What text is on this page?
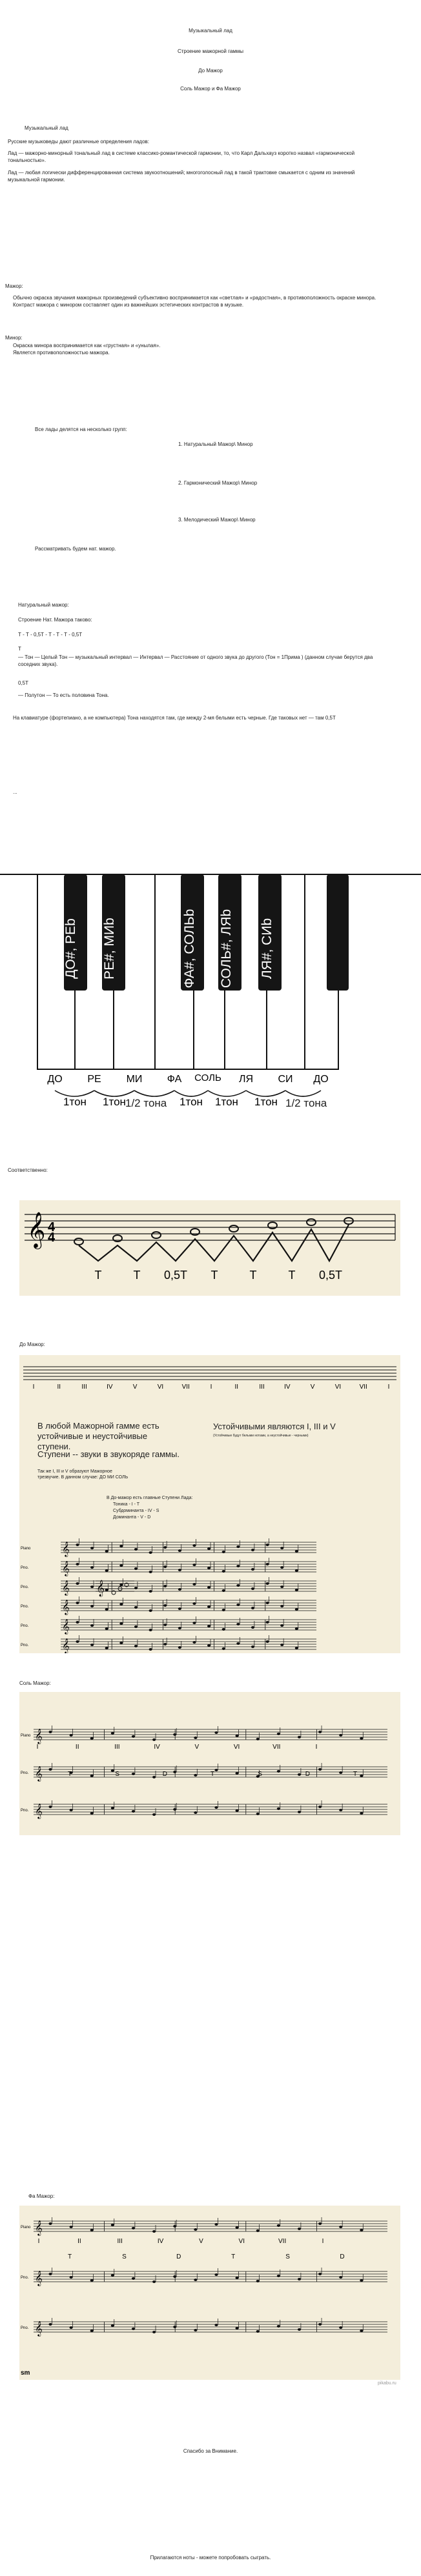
Музыкальный лад
Строение мажорной гаммы
До Мажор
Соль Мажор и Фа Мажор
Музыкальный лад
Русские музыковеды дают различные определения ладов:
Лад — мажорно-минорный тональный лад в системе классико-романтической гармонии, то, что Карл Дальхауз коротко назвал «гармонической тональностью».
Лад — любая логически дифференцированная система звукоотношений; многоголосный лад в такой трактовке смыкается с одним из значений музыкальной гармонии.
Мажор:
Обычно окраска звучания мажорных произведений субъективно воспринимается как «светлая» и «радостная», в противоположность окраске минора. Контраст мажора с минором составляет один из важнейших эстетических контрастов в музыке.
Минор:
Окраска минора воспринимается как «грустная» и «унылая».
Является противоположностью мажора.
Все лады делятся на несколько групп:
1. Натуральный Мажор\ Минор
2. Гармонический Мажор\ Минор
3. Мелодический Мажор\ Минор
Рассматривать будем нат. мажор.
Натуральный мажор:
Строение Нат. Мажора таково:
Т - Т - 0,5Т - Т - Т - Т - 0,5Т
Т
— Тон — Целый Тон — музыкальный интервал — Интервал — Расстояние от одного звука до другого (Тон = 1Прима ) (данном случае берутся два соседних звука).
0,5Т
— Полутон — То есть половина Тона.
На клавиатуре (фортепиано, а не компьютера) Тона находятся там, где между 2-мя белыми есть черные. Где таковых нет — там 0,5Т
...
ДО РЕ МИ ФА СОЛЬ ЛЯ СИ ДО
ДО#, РЕb РЕ#, МИb	ФА#, СОЛЬb СОЛЬ#, ЛЯb ЛЯ#, СИb
1тон 1тон	1тон 1тон 1тон
1/2 тона	1/2 тона
Соответственно:
𝄞 4
4
Т	Т 0,5Т Т	Т	Т 0,5Т
До Мажор:
I	II	III	IV	V	VI	VII	I	II	III	IV	V	VI	VII	I
𝄞
Piano 𝄞
Pno.	𝄞
Pno.	𝄞
Pno.	𝄞
Pno.	𝄞
Pno.	𝄞
В любой Мажорной гамме есть устойчивые и неустойчивые ступени.
Устойчивыми являются I, III и V
(Устойчивые будут белыми нотами, а неустойчивые - черными)
Ступени -- звуки в звукоряде гаммы.
Так же I, III и V образуют Мажорное трезвучие. В данном случае: ДО МИ СОЛЬ
В До-мажор есть главные Ступени Лада:
Тоника - I - T
Субдоминанта - IV - S
Доминанта - V - D
Соль Мажор:
Piano 𝄞
Pno. 𝄞
Pno. 𝄞
I	II	III	IV	V	VI	VII	I
T	S	D	T	S	D	T
Фа Мажор:
Piano 𝄞
Pno. 𝄞
Pno. 𝄞
I	II	III	IV	V	VI	VII	I
T	S	D	T	S	D
sm
pikabu.ru
Спасибо за Внимание.
Прилагаются ноты - можете попробовать сыграть.
